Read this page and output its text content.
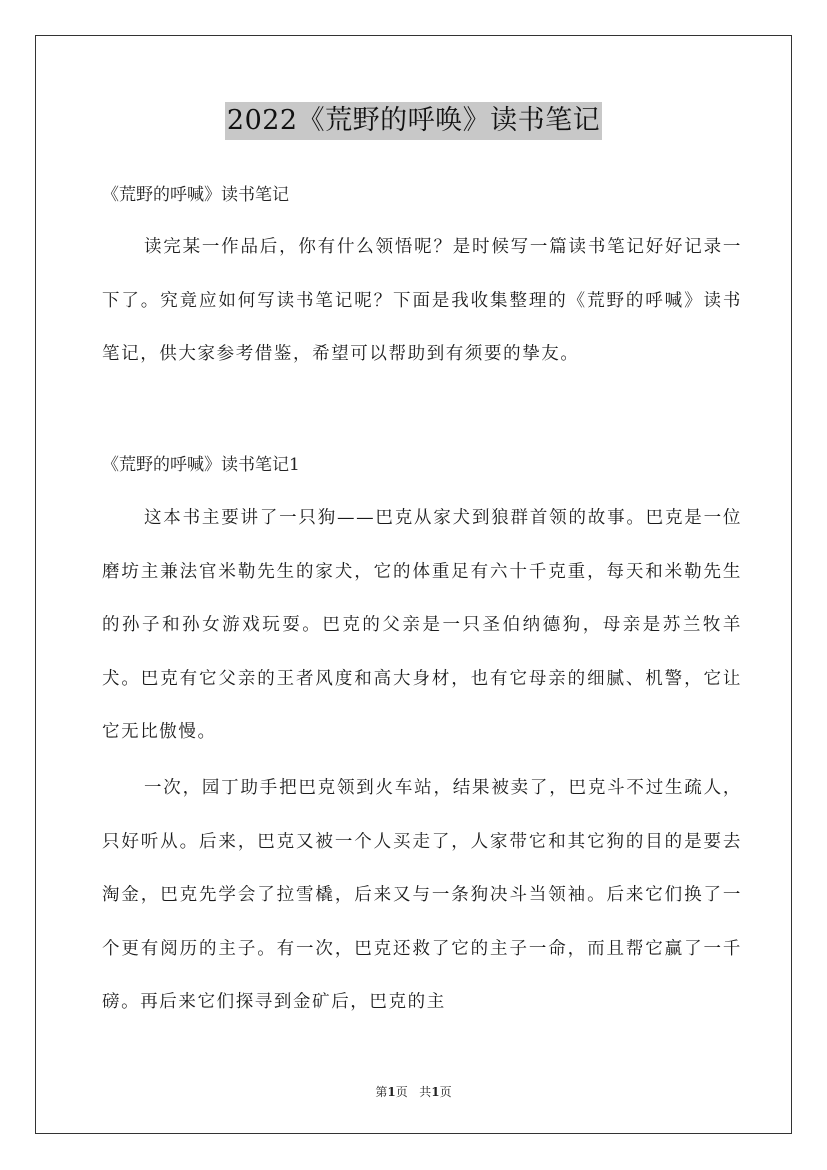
2022《荒野的呼唤》读书笔记
《荒野的呼喊》读书笔记

读完某一作品后，你有什么领悟呢？是时候写一篇读书笔记好好记录一下了。究竟应如何写读书笔记呢？下面是我收集整理的《荒野的呼喊》读书笔记，供大家参考借鉴，希望可以帮助到有须要的挚友。

《荒野的呼喊》读书笔记1

这本书主要讲了一只狗——巴克从家犬到狼群首领的故事。巴克是一位磨坊主兼法官米勒先生的家犬，它的体重足有六十千克重，每天和米勒先生的孙子和孙女游戏玩耍。巴克的父亲是一只圣伯纳德狗，母亲是苏兰牧羊犬。巴克有它父亲的王者风度和高大身材，也有它母亲的细腻、机警，它让它无比傲慢。

一次，园丁助手把巴克领到火车站，结果被卖了，巴克斗不过生疏人，只好听从。后来，巴克又被一个人买走了，人家带它和其它狗的目的是要去淘金，巴克先学会了拉雪橇，后来又与一条狗决斗当领袖。后来它们换了一个更有阅历的主子。有一次，巴克还救了它的主子一命，而且帮它赢了一千磅。再后来它们探寻到金矿后，巴克的主

第1页 共1页
